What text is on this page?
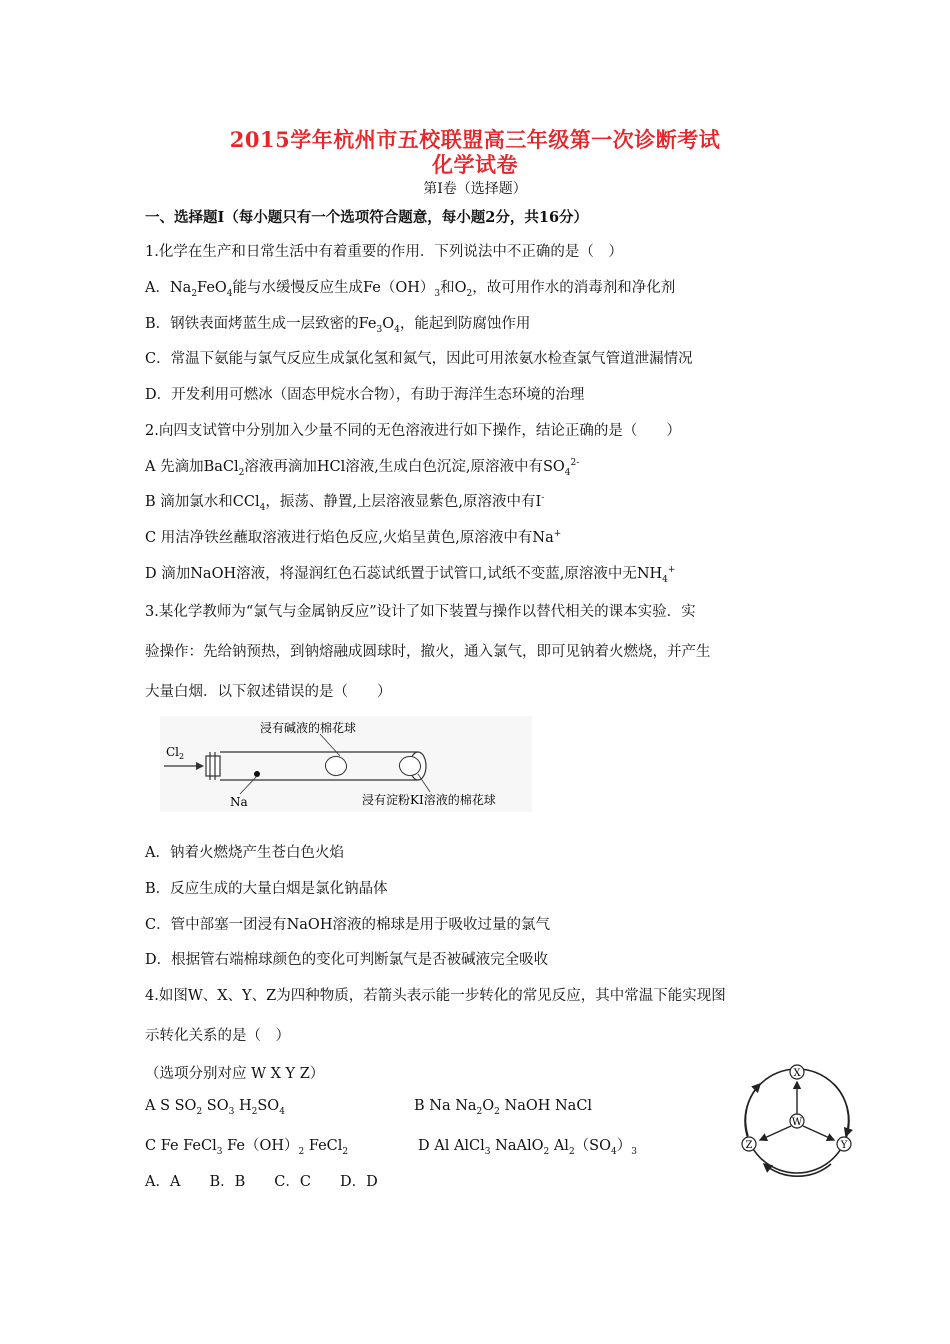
2015学年杭州市五校联盟高三年级第一次诊断考试
化学试卷
第Ⅰ卷（选择题）
一、选择题Ⅰ（每小题只有一个选项符合题意，每小题2分，共16分）
1.化学在生产和日常生活中有着重要的作用．下列说法中不正确的是（　）
A．$Na_2FeO_4$能与水缓慢反应生成$Fe(OH)_3$和$O_2$，故可用作水的消毒剂和净化剂
B．钢铁表面烤蓝生成一层致密的$Fe_3O_4$，能起到防腐蚀作用
C．常温下氨能与氯气反应生成氯化氢和氮气，因此可用浓氨水检查氯气管道泄漏情况
D．开发利用可燃冰（固态甲烷水合物），有助于海洋生态环境的治理
2.向四支试管中分别加入少量不同的无色溶液进行如下操作，结论正确的是（　　）
A 先滴加BaCl$_2$溶液再滴加HCl溶液,生成白色沉淀,原溶液中有$SO_4^{2-}$
B 滴加氯水和CCl$_4$，振荡、静置,上层溶液显紫色,原溶液中有I-
C 用洁净铁丝蘸取溶液进行焰色反应,火焰呈黄色,原溶液中有Na+
D 滴加NaOH溶液，将湿润红色石蕊试纸置于试管口,试纸不变蓝,原溶液中无$NH_4^+$
3.某化学教师为“氯气与金属钠反应”设计了如下装置与操作以替代相关的课本实验．实
验操作：先给钠预热，到钠熔融成圆球时，撤火，通入氯气，即可见钠着火燃烧，并产生
大量白烟．以下叙述错误的是（　　）
$Cl_2$
Na
浸有碱液的棉花球
浸有淀粉KI溶液的棉花球
A．钠着火燃烧产生苍白色火焰
B．反应生成的大量白烟是氯化钠晶体
C．管中部塞一团浸有NaOH溶液的棉球是用于吸收过量的氯气
D．根据管右端棉球颜色的变化可判断氯气是否被碱液完全吸收
4.如图W、X、Y、Z为四种物质，若箭头表示能一步转化的常见反应，其中常温下能实现图
示转化关系的是（　）
（选项分别对应 W X Y Z）
A S $SO_2$ $SO_3$ $H_2SO_4$	B Na $Na_2O_2$ NaOH NaCl
C Fe FeCl$_3$ $Fe(OH)_2$ FeCl$_2$	D Al AlCl$_3$ NaAlO$_2$ $Al_2(SO_4)_3$
A．A　　B．B　　C．C　　D．D
X
W
Z	Y
